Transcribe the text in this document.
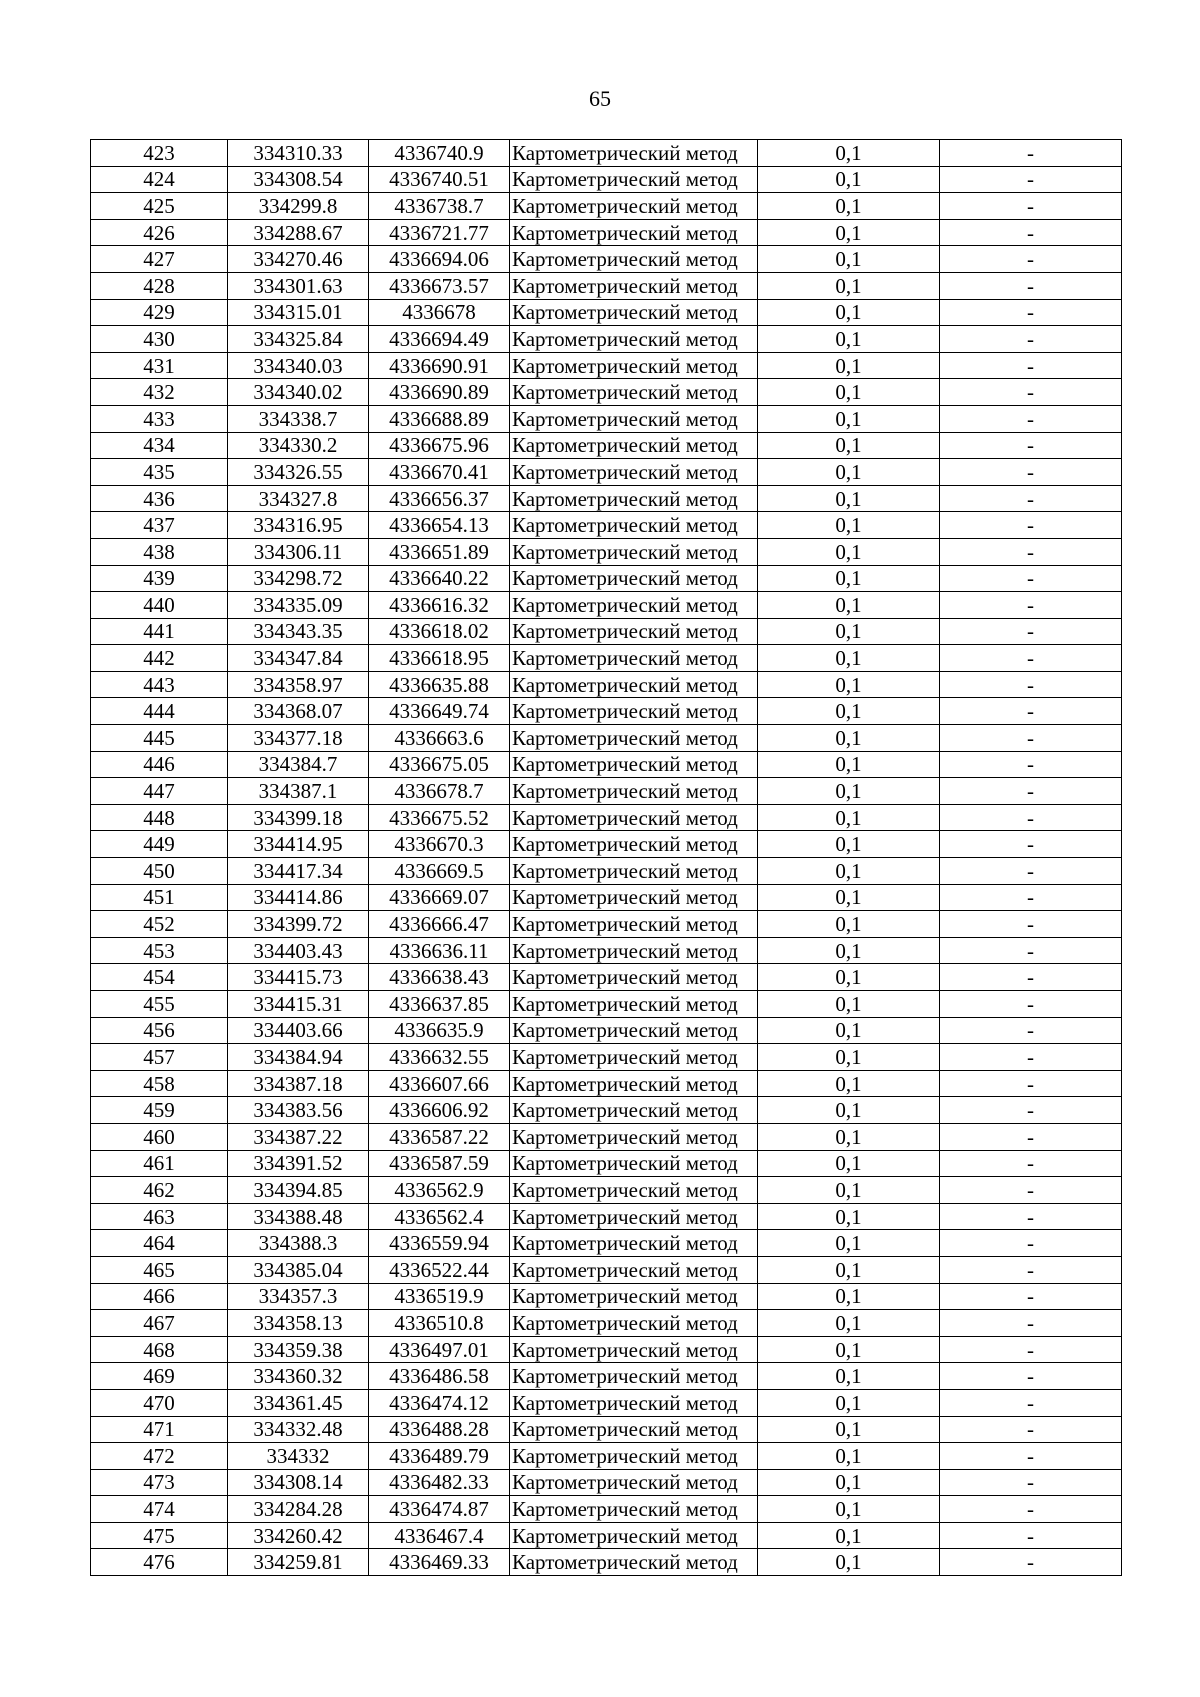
65
423	334310.33	4336740.9	Картометрический метод	0,1	-
424	334308.54	4336740.51	Картометрический метод	0,1	-
425	334299.8	4336738.7	Картометрический метод	0,1	-
426	334288.67	4336721.77	Картометрический метод	0,1	-
427	334270.46	4336694.06	Картометрический метод	0,1	-
428	334301.63	4336673.57	Картометрический метод	0,1	-
429	334315.01	4336678	Картометрический метод	0,1	-
430	334325.84	4336694.49	Картометрический метод	0,1	-
431	334340.03	4336690.91	Картометрический метод	0,1	-
432	334340.02	4336690.89	Картометрический метод	0,1	-
433	334338.7	4336688.89	Картометрический метод	0,1	-
434	334330.2	4336675.96	Картометрический метод	0,1	-
435	334326.55	4336670.41	Картометрический метод	0,1	-
436	334327.8	4336656.37	Картометрический метод	0,1	-
437	334316.95	4336654.13	Картометрический метод	0,1	-
438	334306.11	4336651.89	Картометрический метод	0,1	-
439	334298.72	4336640.22	Картометрический метод	0,1	-
440	334335.09	4336616.32	Картометрический метод	0,1	-
441	334343.35	4336618.02	Картометрический метод	0,1	-
442	334347.84	4336618.95	Картометрический метод	0,1	-
443	334358.97	4336635.88	Картометрический метод	0,1	-
444	334368.07	4336649.74	Картометрический метод	0,1	-
445	334377.18	4336663.6	Картометрический метод	0,1	-
446	334384.7	4336675.05	Картометрический метод	0,1	-
447	334387.1	4336678.7	Картометрический метод	0,1	-
448	334399.18	4336675.52	Картометрический метод	0,1	-
449	334414.95	4336670.3	Картометрический метод	0,1	-
450	334417.34	4336669.5	Картометрический метод	0,1	-
451	334414.86	4336669.07	Картометрический метод	0,1	-
452	334399.72	4336666.47	Картометрический метод	0,1	-
453	334403.43	4336636.11	Картометрический метод	0,1	-
454	334415.73	4336638.43	Картометрический метод	0,1	-
455	334415.31	4336637.85	Картометрический метод	0,1	-
456	334403.66	4336635.9	Картометрический метод	0,1	-
457	334384.94	4336632.55	Картометрический метод	0,1	-
458	334387.18	4336607.66	Картометрический метод	0,1	-
459	334383.56	4336606.92	Картометрический метод	0,1	-
460	334387.22	4336587.22	Картометрический метод	0,1	-
461	334391.52	4336587.59	Картометрический метод	0,1	-
462	334394.85	4336562.9	Картометрический метод	0,1	-
463	334388.48	4336562.4	Картометрический метод	0,1	-
464	334388.3	4336559.94	Картометрический метод	0,1	-
465	334385.04	4336522.44	Картометрический метод	0,1	-
466	334357.3	4336519.9	Картометрический метод	0,1	-
467	334358.13	4336510.8	Картометрический метод	0,1	-
468	334359.38	4336497.01	Картометрический метод	0,1	-
469	334360.32	4336486.58	Картометрический метод	0,1	-
470	334361.45	4336474.12	Картометрический метод	0,1	-
471	334332.48	4336488.28	Картометрический метод	0,1	-
472	334332	4336489.79	Картометрический метод	0,1	-
473	334308.14	4336482.33	Картометрический метод	0,1	-
474	334284.28	4336474.87	Картометрический метод	0,1	-
475	334260.42	4336467.4	Картометрический метод	0,1	-
476	334259.81	4336469.33	Картометрический метод	0,1	-
